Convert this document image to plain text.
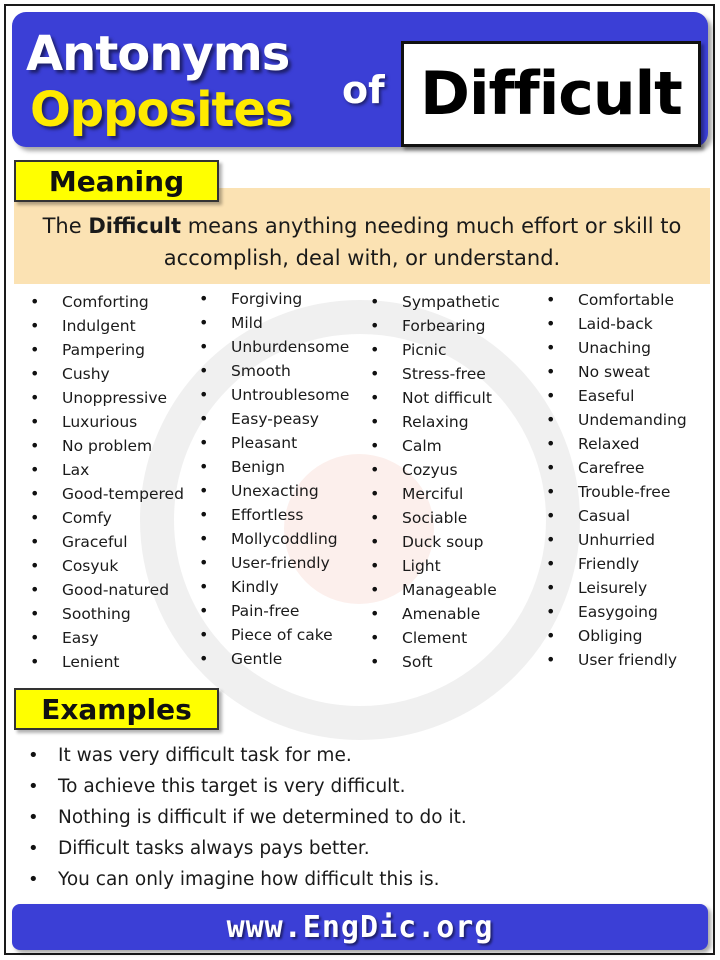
Antonyms
Opposites of Difficult
Meaning

The Difficult means anything needing much effort or skill to accomplish, deal with, or understand.

• Comforting
• Indulgent
• Pampering
• Cushy
• Unoppressive
• Luxurious
• No problem
• Lax
• Good-tempered
• Comfy
• Graceful
• Cosyuk
• Good-natured
• Soothing
• Easy
• Lenient
• Forgiving
• Mild
• Unburdensome
• Smooth
• Untroublesome
• Easy-peasy
• Pleasant
• Benign
• Unexacting
• Effortless
• Mollycoddling
• User-friendly
• Kindly
• Pain-free
• Piece of cake
• Gentle
• Sympathetic
• Forbearing
• Picnic
• Stress-free
• Not difficult
• Relaxing
• Calm
• Cozyus
• Merciful
• Sociable
• Duck soup
• Light
• Manageable
• Amenable
• Clement
• Soft
• Comfortable
• Laid-back
• Unaching
• No sweat
• Easeful
• Undemanding
• Relaxed
• Carefree
• Trouble-free
• Casual
• Unhurried
• Friendly
• Leisurely
• Easygoing
• Obliging
• User friendly
Examples
• It was very difficult task for me.
• To achieve this target is very difficult.
• Nothing is difficult if we determined to do it.
• Difficult tasks always pays better.
• You can only imagine how difficult this is.
www.EngDic.org
